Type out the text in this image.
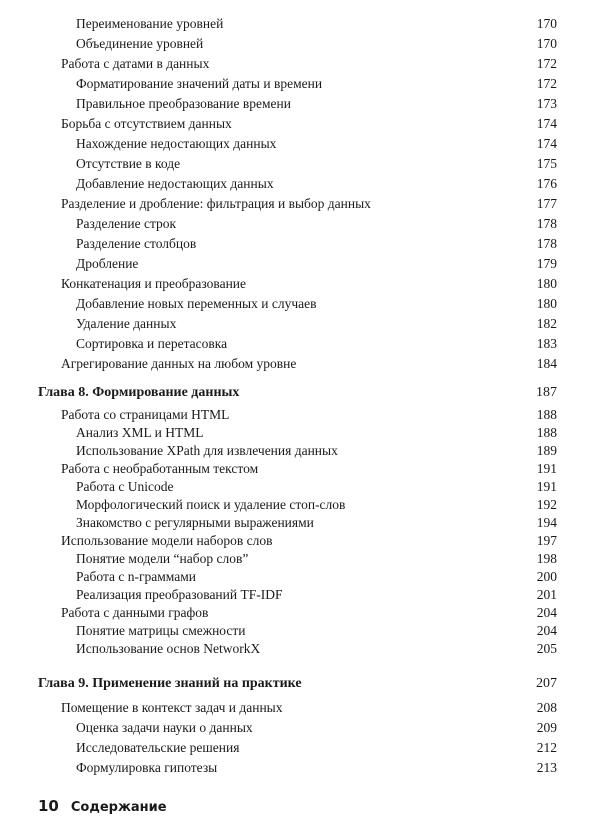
Переименование уровней	170
Объединение уровней	170
Работа с датами в данных	172
Форматирование значений даты и времени	172
Правильное преобразование времени	173
Борьба с отсутствием данных	174
Нахождение недостающих данных	174
Отсутствие в коде	175
Добавление недостающих данных	176
Разделение и дробление: фильтрация и выбор данных	177
Разделение строк	178
Разделение столбцов	178
Дробление	179
Конкатенация и преобразование	180
Добавление новых переменных и случаев	180
Удаление данных	182
Сортировка и перетасовка	183
Агрегирование данных на любом уровне	184
Глава 8. Формирование данных	187
Работа со страницами HTML	188
Анализ XML и HTML	188
Использование XPath для извлечения данных	189
Работа с необработанным текстом	191
Работа с Unicode	191
Морфологический поиск и удаление стоп-слов	192
Знакомство с регулярными выражениями	194
Использование модели наборов слов	197
Понятие модели “набор слов”	198
Работа с n-граммами	200
Реализация преобразований TF-IDF	201
Работа с данными графов	204
Понятие матрицы смежности	204
Использование основ NetworkX	205
Глава 9. Применение знаний на практике	207
Помещение в контекст задач и данных	208
Оценка задачи науки о данных	209
Исследовательские решения	212
Формулировка гипотезы	213
10 Содержание
